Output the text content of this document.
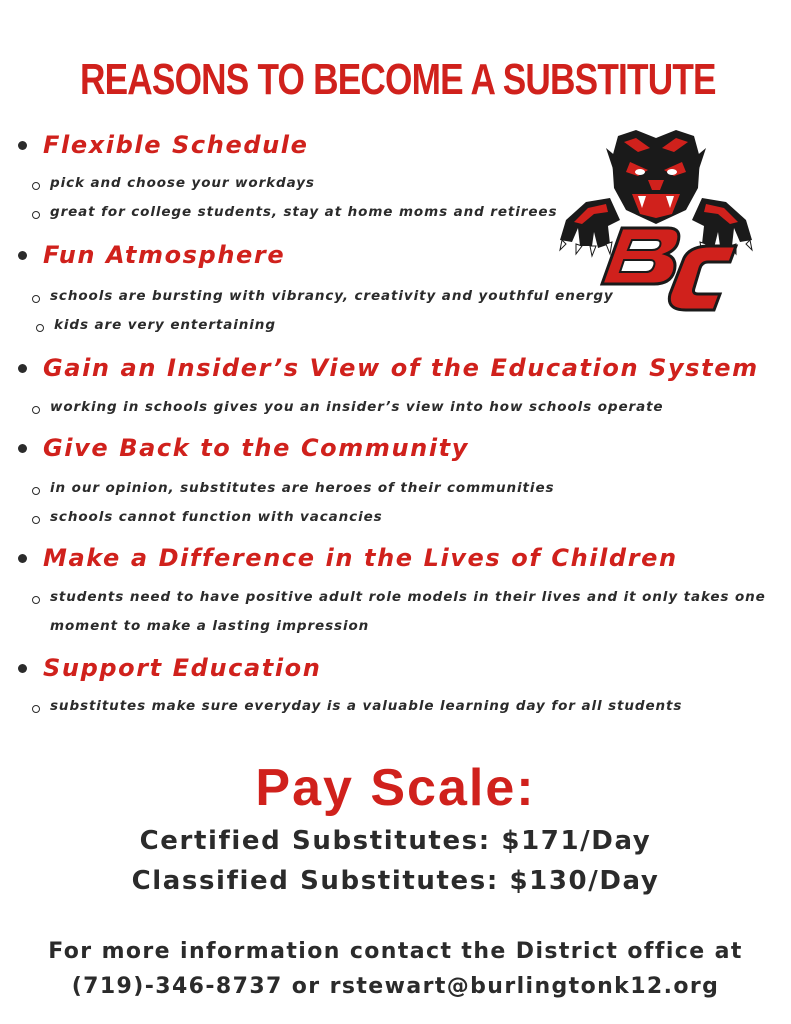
REASONS TO BECOME A SUBSTITUTE
Flexible Schedule
pick and choose your workdays
great for college students, stay at home moms and retirees
Fun Atmosphere
schools are bursting with vibrancy, creativity and youthful energy
kids are very entertaining
Gain an Insider’s View of the Education System
working in schools gives you an insider’s view into how schools operate
Give Back to the Community
in our opinion, substitutes are heroes of their communities
schools cannot function with vacancies
Make a Difference in the Lives of Children
students need to have positive adult role models in their lives and it only takes one moment to make a lasting impression
Support Education
substitutes make sure everyday is a valuable learning day for all students
Pay Scale:
Certified Substitutes: $171/Day
Classified Substitutes: $130/Day
For more information contact the District office at
(719)-346-8737 or rstewart@burlingtonk12.org
